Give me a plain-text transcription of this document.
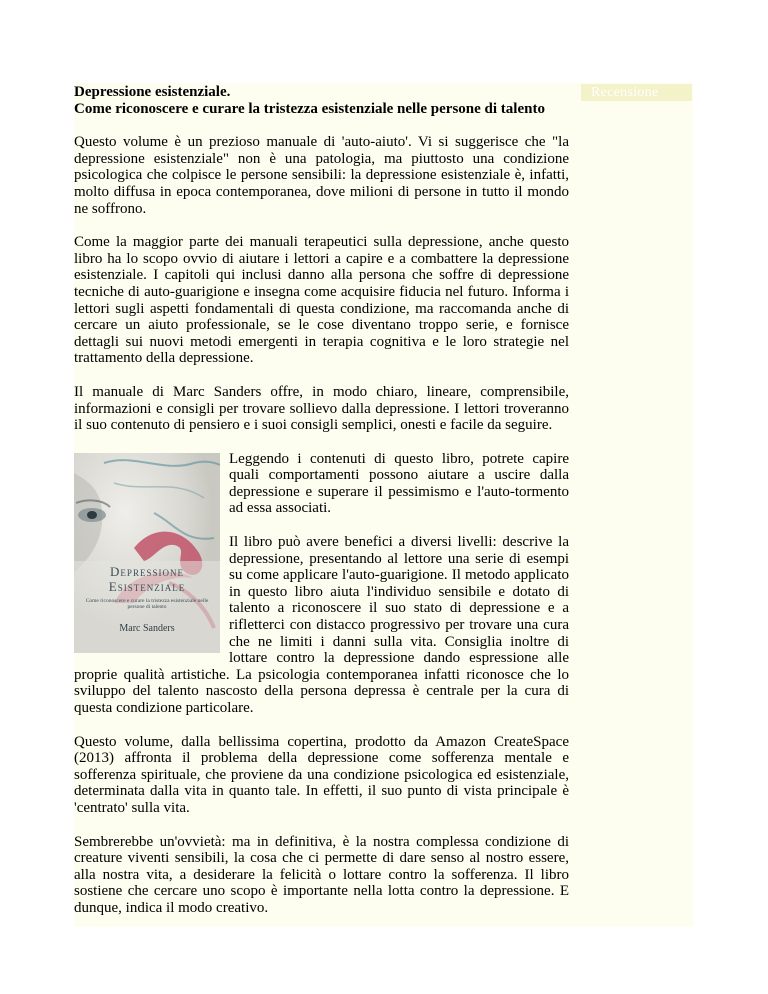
Recensione
Depressione esistenziale.
Come riconoscere e curare la tristezza esistenziale nelle persone di talento

Questo volume è un prezioso manuale di 'auto-aiuto'. Vi si suggerisce che "la depressione esistenziale" non è una patologia, ma piuttosto una condizione psicologica che colpisce le persone sensibili: la depressione esistenziale è, infatti, molto diffusa in epoca contemporanea, dove milioni di persone in tutto il mondo ne soffrono.

Come la maggior parte dei manuali terapeutici sulla depressione, anche questo libro ha lo scopo ovvio di aiutare i lettori a capire e a combattere la depressione esistenziale. I capitoli qui inclusi danno alla persona che soffre di depressione tecniche di auto-guarigione e insegna come acquisire fiducia nel futuro. Informa i lettori sugli aspetti fondamentali di questa condizione, ma raccomanda anche di cercare un aiuto professionale, se le cose diventano troppo serie, e fornisce dettagli sui nuovi metodi emergenti in terapia cognitiva e le loro strategie nel trattamento della depressione.

Il manuale di Marc Sanders offre, in modo chiaro, lineare, comprensibile, informazioni e consigli per trovare sollievo dalla depressione. I lettori troveranno il suo contenuto di pensiero e i suoi consigli semplici, onesti e facile da seguire.

Depressione
Esistenziale
Come riconoscere e curare la tristezza esistenziale nelle persone di talento
Marc Sanders

Leggendo i contenuti di questo libro, potrete capire quali comportamenti possono aiutare a uscire dalla depressione e superare il pessimismo e l'auto-tormento ad essa associati.

Il libro può avere benefici a diversi livelli: descrive la depressione, presentando al lettore una serie di esempi su come applicare l'auto-guarigione. Il metodo applicato in questo libro aiuta l'individuo sensibile e dotato di talento a riconoscere il suo stato di depressione e a rifletterci con distacco progressivo per trovare una cura che ne limiti i danni sulla vita. Consiglia inoltre di lottare contro la depressione dando espressione alle proprie qualità artistiche. La psicologia contemporanea infatti riconosce che lo sviluppo del talento nascosto della persona depressa è centrale per la cura di questa condizione particolare.

Questo volume, dalla bellissima copertina, prodotto da Amazon CreateSpace (2013) affronta il problema della depressione come sofferenza mentale e sofferenza spirituale, che proviene da una condizione psicologica ed esistenziale, determinata dalla vita in quanto tale. In effetti, il suo punto di vista principale è 'centrato' sulla vita.

Sembrerebbe un'ovvietà: ma in definitiva, è la nostra complessa condizione di creature viventi sensibili, la cosa che ci permette di dare senso al nostro essere, alla nostra vita, a desiderare la felicità o lottare contro la sofferenza. Il libro sostiene che cercare uno scopo è importante nella lotta contro la depressione. E dunque, indica il modo creativo.
